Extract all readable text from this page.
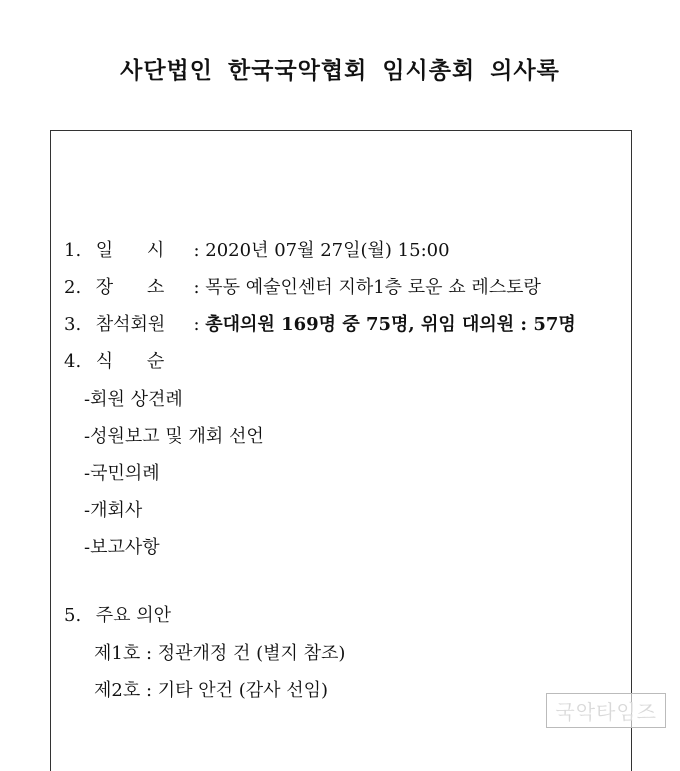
사단법인 한국국악협회 임시총회 의사록
1. 일 시 : 2020년 07월 27일(월) 15:00
2. 장 소 : 목동 예술인센터 지하1층 로운 쇼 레스토랑
3. 참석회원 : 총대의원 169명 중 75명, 위임 대의원 : 57명
4. 식 순
-회원 상견례
-성원보고 및 개회 선언
-국민의례
-개회사
-보고사항
5. 주요 의안
제1호 : 정관개정 건 (별지 참조)
제2호 : 기타 안건 (감사 선임)
국악타임즈
